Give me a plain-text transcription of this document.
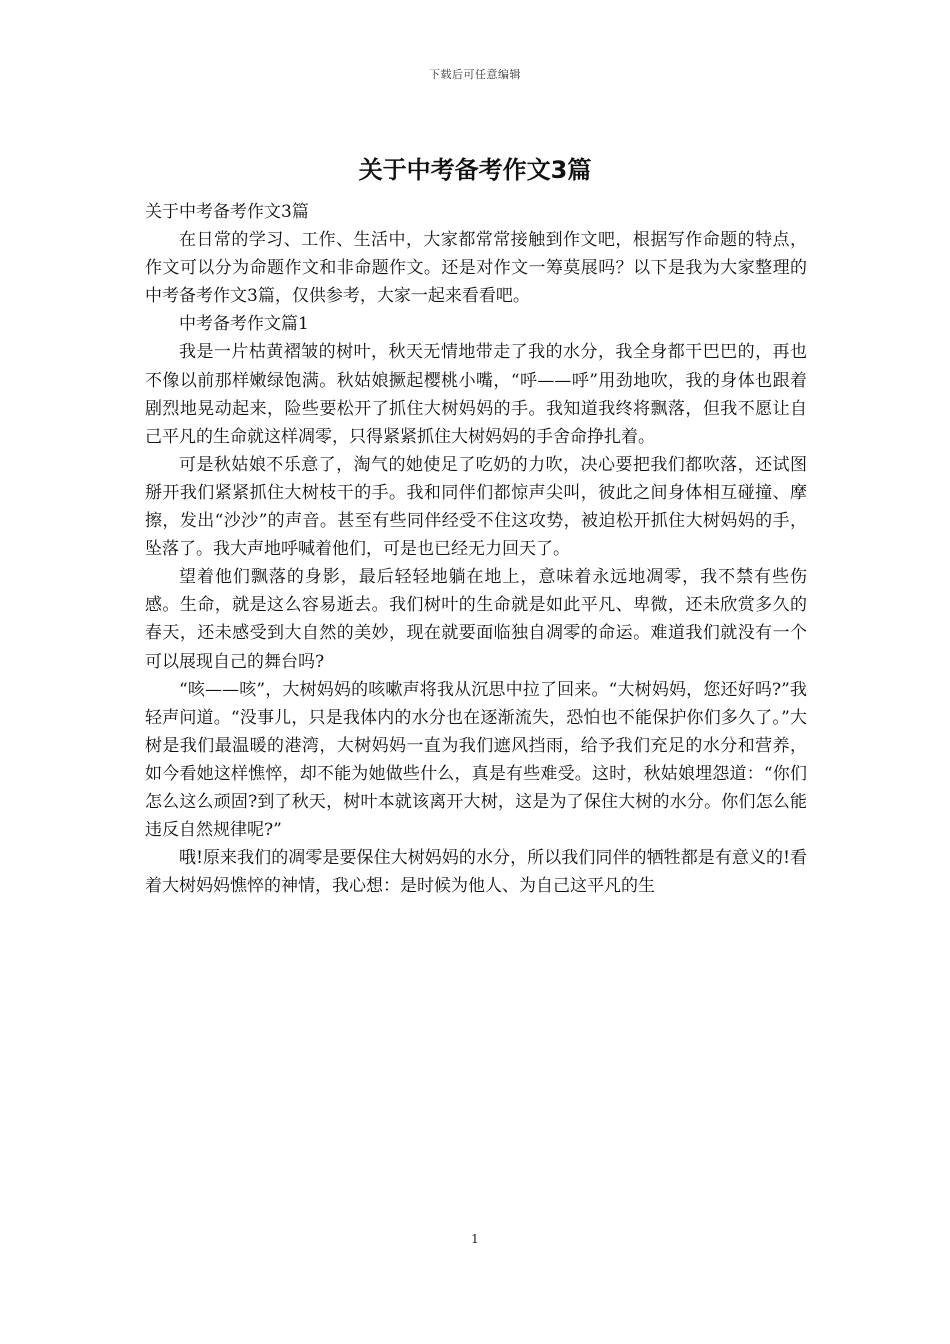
下载后可任意编辑
关于中考备考作文3篇

关于中考备考作文3篇

在日常的学习、工作、生活中，大家都常常接触到作文吧，根据写作命题的特点，作文可以分为命题作文和非命题作文。还是对作文一筹莫展吗？以下是我为大家整理的中考备考作文3篇，仅供参考，大家一起来看看吧。

中考备考作文篇1

我是一片枯黄褶皱的树叶，秋天无情地带走了我的水分，我全身都干巴巴的，再也不像以前那样嫩绿饱满。秋姑娘撅起樱桃小嘴，“呼——呼”用劲地吹，我的身体也跟着剧烈地晃动起来，险些要松开了抓住大树妈妈的手。我知道我终将飘落，但我不愿让自己平凡的生命就这样凋零，只得紧紧抓住大树妈妈的手舍命挣扎着。

可是秋姑娘不乐意了，淘气的她使足了吃奶的力吹，决心要把我们都吹落，还试图掰开我们紧紧抓住大树枝干的手。我和同伴们都惊声尖叫，彼此之间身体相互碰撞、摩擦，发出“沙沙”的声音。甚至有些同伴经受不住这攻势，被迫松开抓住大树妈妈的手，坠落了。我大声地呼喊着他们，可是也已经无力回天了。

望着他们飘落的身影，最后轻轻地躺在地上，意味着永远地凋零，我不禁有些伤感。生命，就是这么容易逝去。我们树叶的生命就是如此平凡、卑微，还未欣赏多久的春天，还未感受到大自然的美妙，现在就要面临独自凋零的命运。难道我们就没有一个可以展现自己的舞台吗?

“咳——咳”，大树妈妈的咳嗽声将我从沉思中拉了回来。“大树妈妈，您还好吗?”我轻声问道。“没事儿，只是我体内的水分也在逐渐流失，恐怕也不能保护你们多久了。”大树是我们最温暖的港湾，大树妈妈一直为我们遮风挡雨，给予我们充足的水分和营养，如今看她这样憔悴，却不能为她做些什么，真是有些难受。这时，秋姑娘埋怨道：“你们怎么这么顽固?到了秋天，树叶本就该离开大树，这是为了保住大树的水分。你们怎么能违反自然规律呢?”

哦!原来我们的凋零是要保住大树妈妈的水分，所以我们同伴的牺牲都是有意义的!看着大树妈妈憔悴的神情，我心想：是时候为他人、为自己这平凡的生

1
